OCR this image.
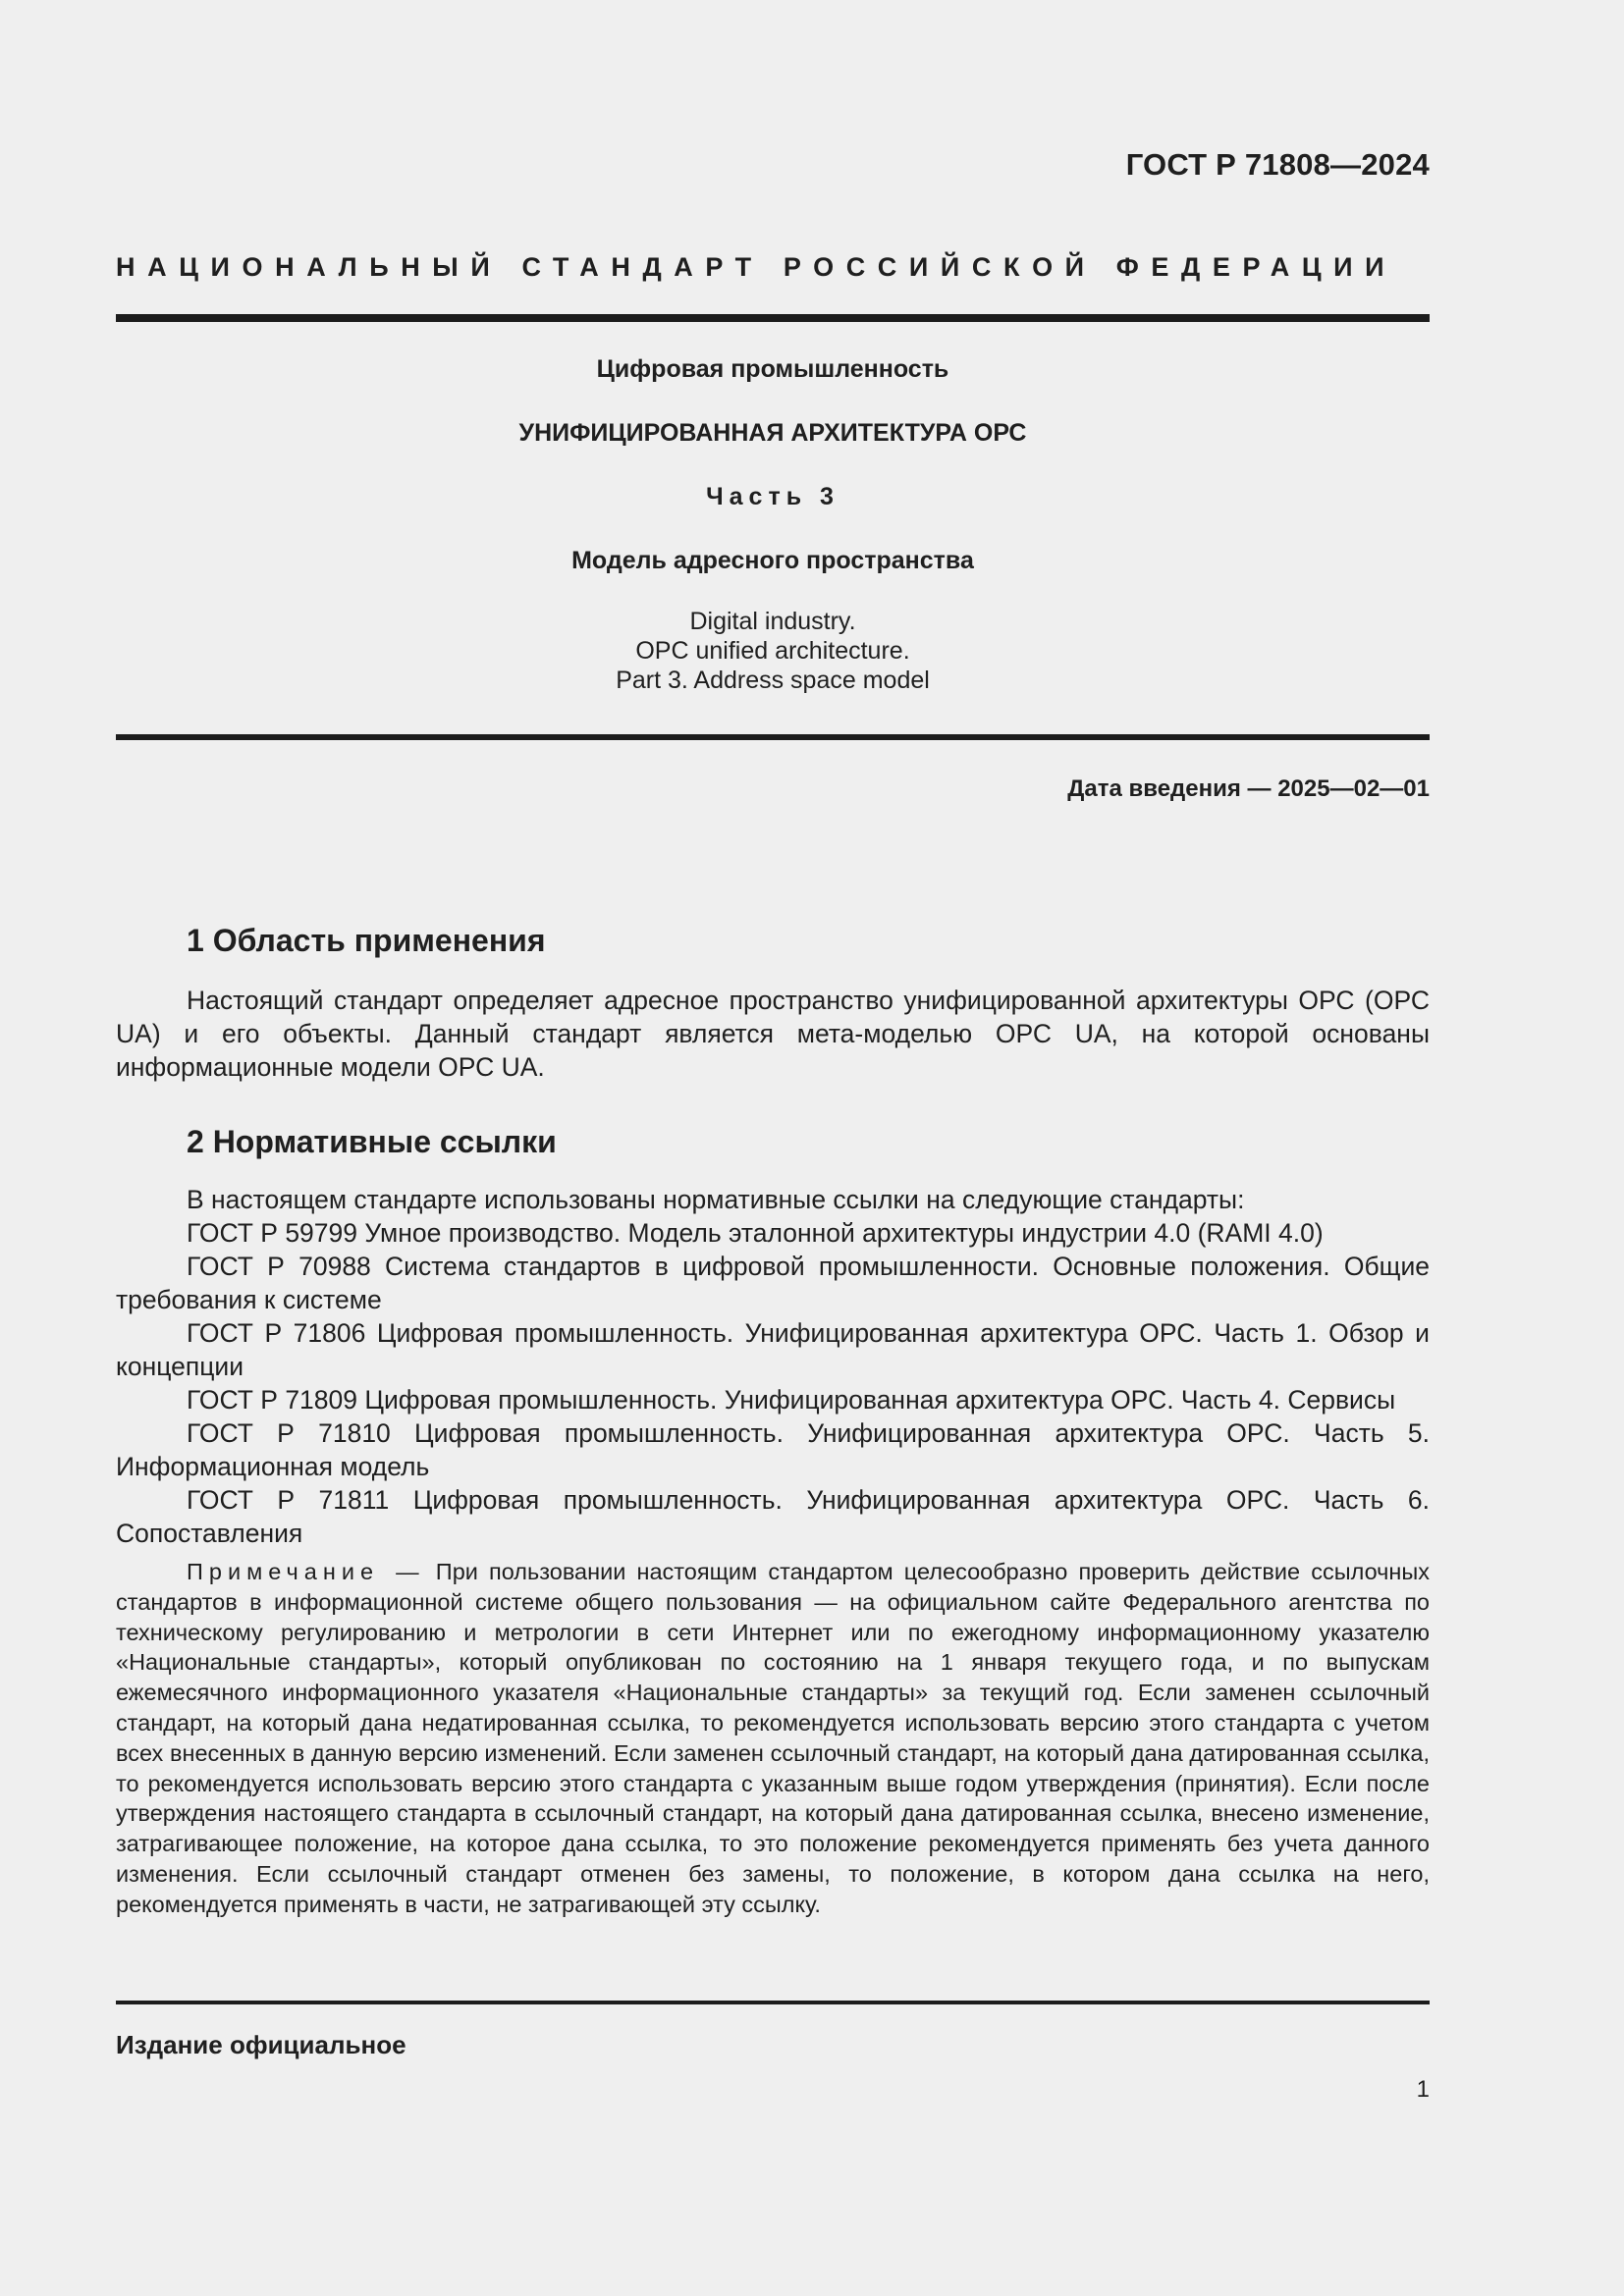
ГОСТ Р 71808—2024
НАЦИОНАЛЬНЫЙ СТАНДАРТ РОССИЙСКОЙ ФЕДЕРАЦИИ
Цифровая промышленность
УНИФИЦИРОВАННАЯ АРХИТЕКТУРА ОРС
Часть 3
Модель адресного пространства
Digital industry.
OPC unified architecture.
Part 3. Address space model
Дата введения — 2025—02—01
1 Область применения
Настоящий стандарт определяет адресное пространство унифицированной архитектуры ОРС (ОРС UA) и его объекты. Данный стандарт является мета-моделью ОРС UA, на которой основаны информационные модели ОРС UA.
2 Нормативные ссылки
В настоящем стандарте использованы нормативные ссылки на следующие стандарты:
ГОСТ Р 59799 Умное производство. Модель эталонной архитектуры индустрии 4.0 (RAMI 4.0)
ГОСТ Р 70988 Система стандартов в цифровой промышленности. Основные положения. Общие требования к системе
ГОСТ Р 71806 Цифровая промышленность. Унифицированная архитектура ОРС. Часть 1. Обзор и концепции
ГОСТ Р 71809 Цифровая промышленность. Унифицированная архитектура ОРС. Часть 4. Сервисы
ГОСТ Р 71810 Цифровая промышленность. Унифицированная архитектура ОРС. Часть 5. Информационная модель
ГОСТ Р 71811 Цифровая промышленность. Унифицированная архитектура ОРС. Часть 6. Сопоставления
Примечание — При пользовании настоящим стандартом целесообразно проверить действие ссылочных стандартов в информационной системе общего пользования — на официальном сайте Федерального агентства по техническому регулированию и метрологии в сети Интернет или по ежегодному информационному указателю «Национальные стандарты», который опубликован по состоянию на 1 января текущего года, и по выпускам ежемесячного информационного указателя «Национальные стандарты» за текущий год. Если заменен ссылочный стандарт, на который дана недатированная ссылка, то рекомендуется использовать версию этого стандарта с учетом всех внесенных в данную версию изменений. Если заменен ссылочный стандарт, на который дана датированная ссылка, то рекомендуется использовать версию этого стандарта с указанным выше годом утверждения (принятия). Если после утверждения настоящего стандарта в ссылочный стандарт, на который дана датированная ссылка, внесено изменение, затрагивающее положение, на которое дана ссылка, то это положение рекомендуется применять без учета данного изменения. Если ссылочный стандарт отменен без замены, то положение, в котором дана ссылка на него, рекомендуется применять в части, не затрагивающей эту ссылку.
Издание официальное
1
